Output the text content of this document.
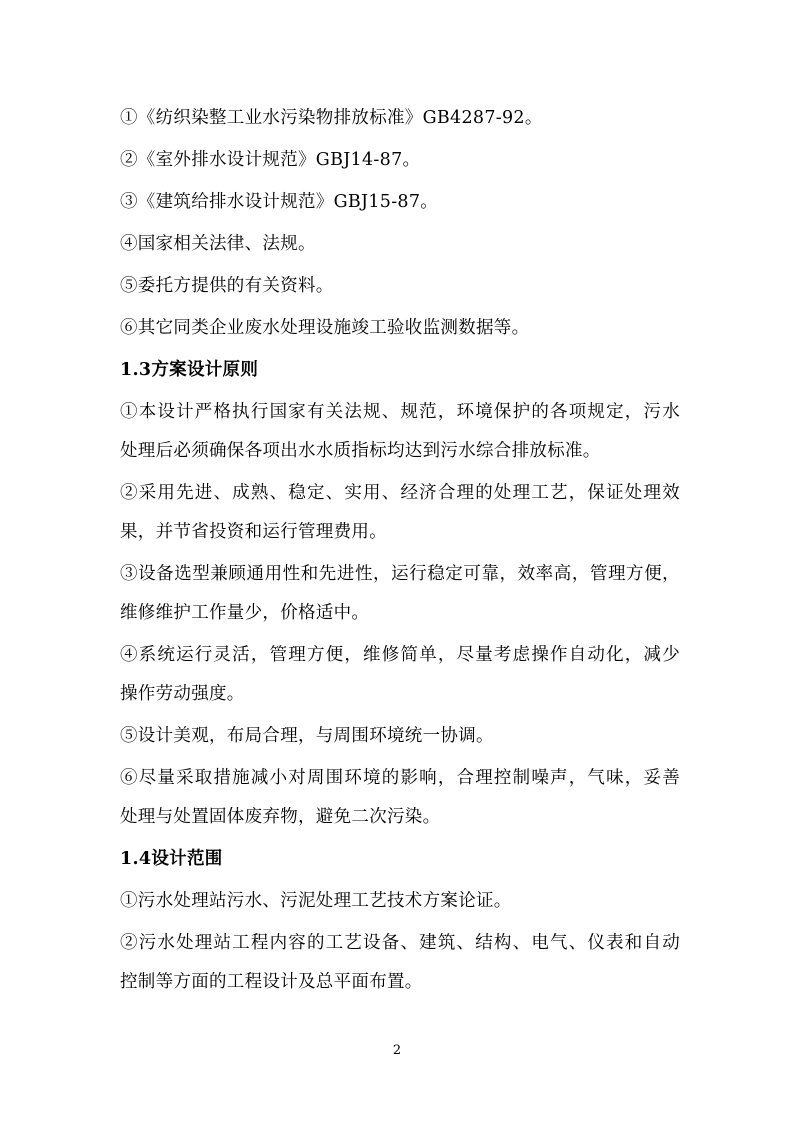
①《纺织染整工业水污染物排放标准》GB4287-92。
②《室外排水设计规范》GBJ14-87。
③《建筑给排水设计规范》GBJ15-87。
④国家相关法律、法规。
⑤委托方提供的有关资料。
⑥其它同类企业废水处理设施竣工验收监测数据等。
1.3方案设计原则
①本设计严格执行国家有关法规、规范，环境保护的各项规定，污水
处理后必须确保各项出水水质指标均达到污水综合排放标准。
②采用先进、成熟、稳定、实用、经济合理的处理工艺，保证处理效
果，并节省投资和运行管理费用。
③设备选型兼顾通用性和先进性，运行稳定可靠，效率高，管理方便，
维修维护工作量少，价格适中。
④系统运行灵活，管理方便，维修简单，尽量考虑操作自动化，减少
操作劳动强度。
⑤设计美观，布局合理，与周围环境统一协调。
⑥尽量采取措施减小对周围环境的影响，合理控制噪声，气味，妥善
处理与处置固体废弃物，避免二次污染。
1.4设计范围
①污水处理站污水、污泥处理工艺技术方案论证。
②污水处理站工程内容的工艺设备、建筑、结构、电气、仪表和自动
控制等方面的工程设计及总平面布置。
2
